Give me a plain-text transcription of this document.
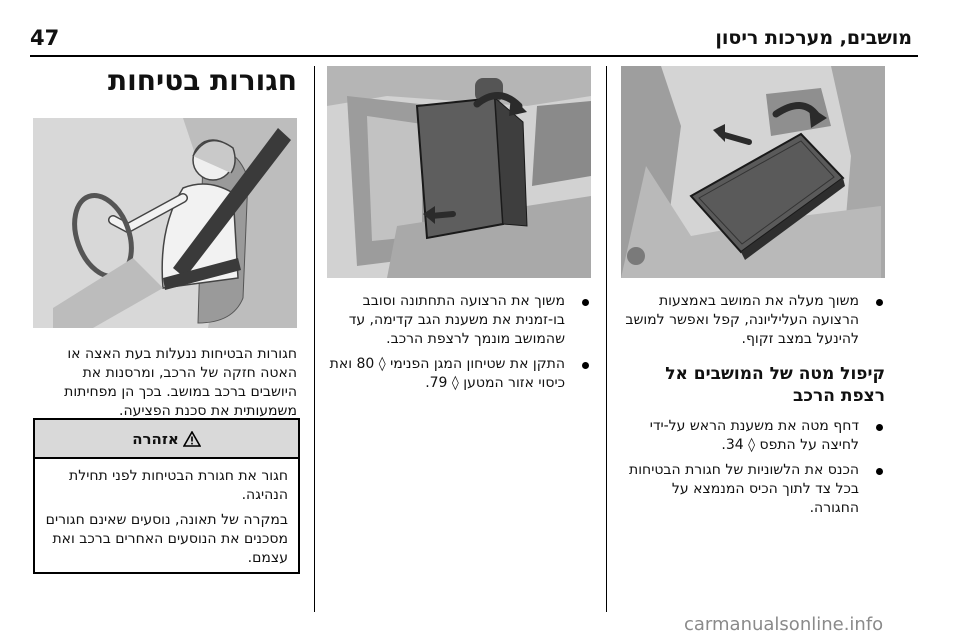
47	מושבים, מערכות ריסון

משוך מעלה את המושב באמצעות הרצועה העליליונה, קפל ואפשר למושב להינעל במצב זקוף.

קיפול מטה של המושבים אל רצפת הרכב

דחף מטה את משענת הראש על-ידי לחיצה על התפס ◊ 34.

הכנס את הלשוניות של חגורת הבטיחות בכל צד לתוך הכיס המנמצא על החגורה.

משוך את הרצועה התחתונה וסובב בו-זמנית את משענת הגב קדימה, עד שהמושב מונמך לרצפת הרכב.

התקן את שטיחון המגן הפנימי ◊ 80 ואת כיסוי אזור המטען ◊ 79.

חגורות בטיחות

חגורות הבטיחות ננעלות בעת האצה או האטה חזקה של הרכב, ומרסנות את היושבים ברכב במושב. בכך הן מפחיתות משמעותית את סכנת הפציעה.

אזהרה

חגור את חגורת הבטיחות לפני תחילת הנהיגה.

במקרה של תאונה, נוסעים שאינם חגורים מסכנים את הנוסעים האחרים ברכב ואת עצמם.

carmanualsonline.info
